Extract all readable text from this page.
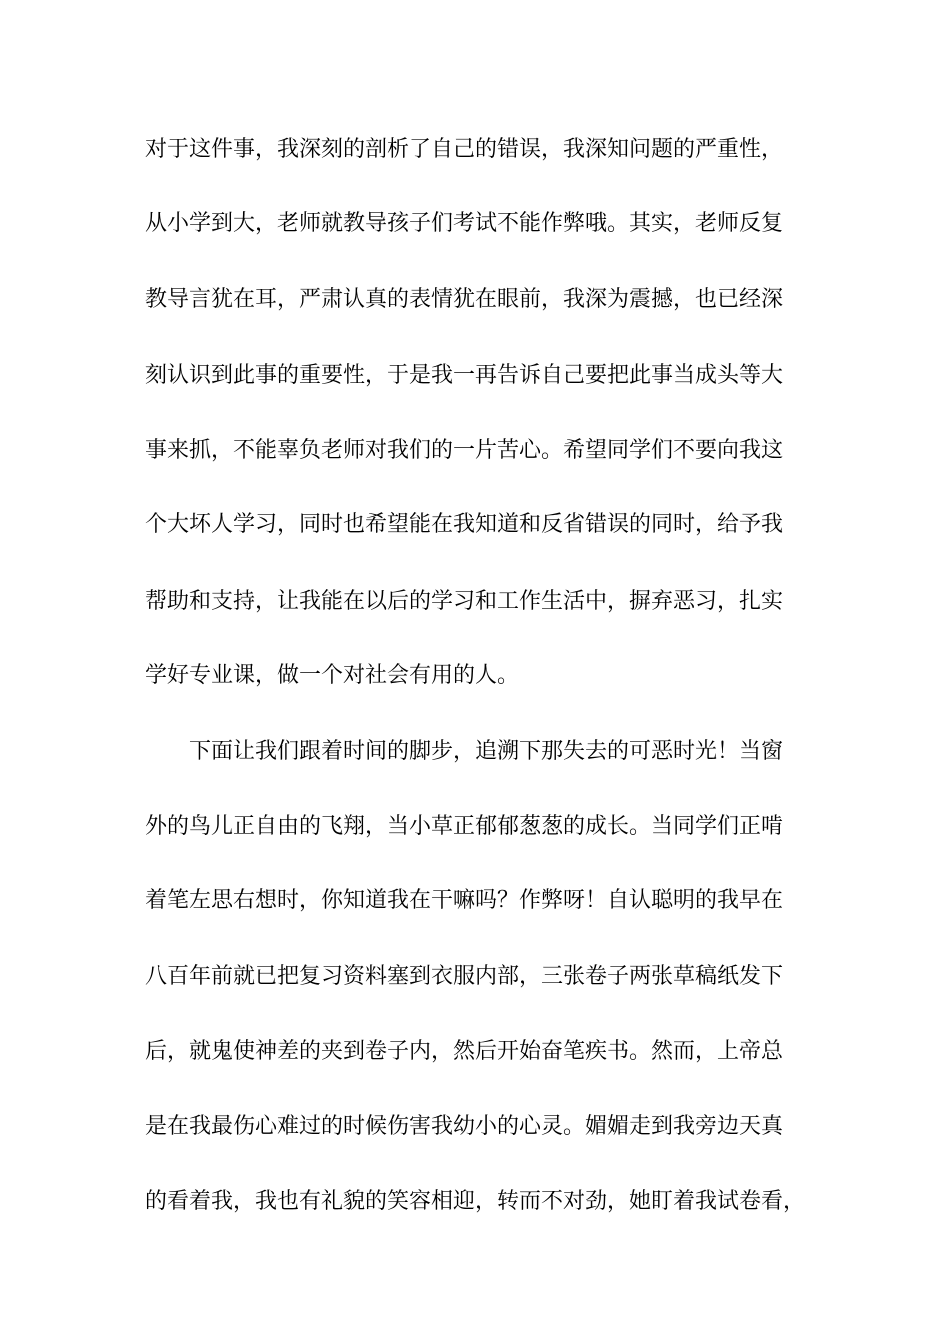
对于这件事，我深刻的剖析了自己的错误，我深知问题的严重性，
从小学到大，老师就教导孩子们考试不能作弊哦。其实，老师反复
教导言犹在耳，严肃认真的表情犹在眼前，我深为震撼，也已经深
刻认识到此事的重要性，于是我一再告诉自己要把此事当成头等大
事来抓，不能辜负老师对我们的一片苦心。希望同学们不要向我这
个大坏人学习，同时也希望能在我知道和反省错误的同时，给予我
帮助和支持，让我能在以后的学习和工作生活中，摒弃恶习，扎实
学好专业课，做一个对社会有用的人。
下面让我们跟着时间的脚步，追溯下那失去的可恶时光！当窗
外的鸟儿正自由的飞翔，当小草正郁郁葱葱的成长。当同学们正啃
着笔左思右想时，你知道我在干嘛吗？作弊呀！自认聪明的我早在
八百年前就已把复习资料塞到衣服内部，三张卷子两张草稿纸发下
后，就鬼使神差的夹到卷子内，然后开始奋笔疾书。然而，上帝总
是在我最伤心难过的时候伤害我幼小的心灵。媚媚走到我旁边天真
的看着我，我也有礼貌的笑容相迎，转而不对劲，她盯着我试卷看，
